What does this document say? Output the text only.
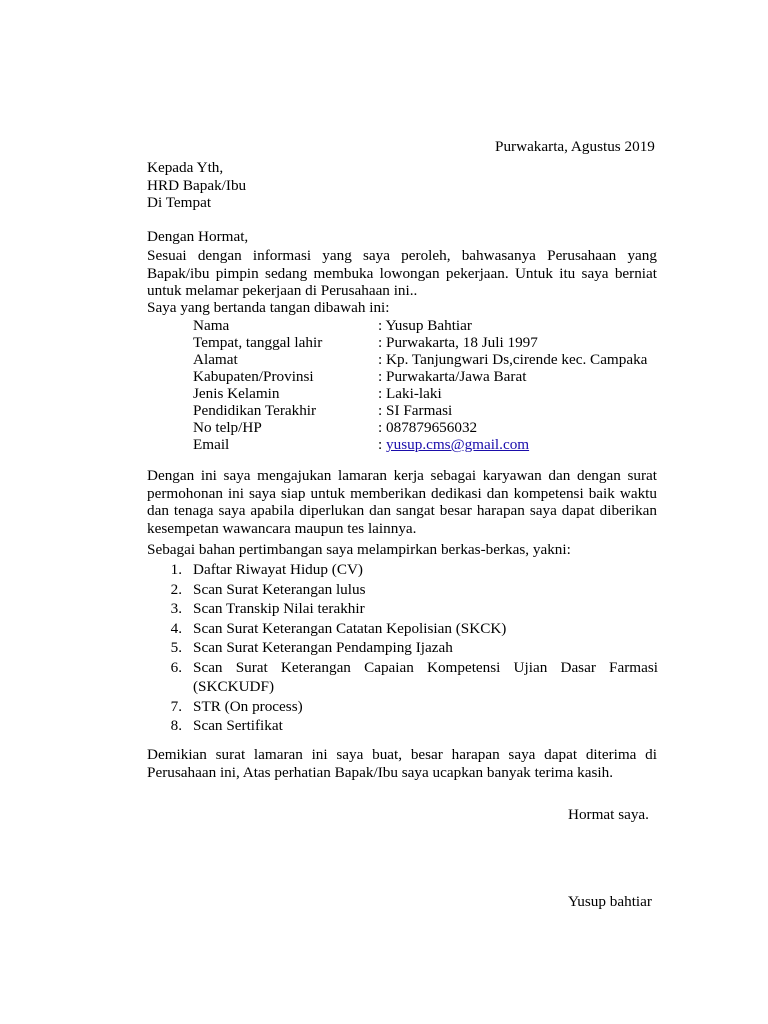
Purwakarta, Agustus 2019
Kepada Yth,
HRD Bapak/Ibu
Di Tempat
Dengan Hormat,
Sesuai dengan informasi yang saya peroleh, bahwasanya Perusahaan yang
Bapak/ibu pimpin sedang membuka lowongan pekerjaan. Untuk itu saya berniat
untuk melamar pekerjaan di Perusahaan ini..
Saya yang bertanda tangan dibawah ini:
Nama	: Yusup Bahtiar
Tempat, tanggal lahir	: Purwakarta, 18 Juli 1997
Alamat	: Kp. Tanjungwari Ds,cirende kec. Campaka
Kabupaten/Provinsi	: Purwakarta/Jawa Barat
Jenis Kelamin	: Laki-laki
Pendidikan Terakhir	: SI Farmasi
No telp/HP	: 087879656032
Email	: yusup.cms@gmail.com
Dengan ini saya mengajukan lamaran kerja sebagai karyawan dan dengan surat
permohonan ini saya siap untuk memberikan dedikasi dan kompetensi baik waktu
dan tenaga saya apabila diperlukan dan sangat besar harapan saya dapat diberikan
kesempetan wawancara maupun tes lainnya.
Sebagai bahan pertimbangan saya melampirkan berkas-berkas, yakni:
1. Daftar Riwayat Hidup (CV)
2. Scan Surat Keterangan lulus
3. Scan Transkip Nilai terakhir
4. Scan Surat Keterangan Catatan Kepolisian (SKCK)
5. Scan Surat Keterangan Pendamping Ijazah
6. Scan Surat Keterangan Capaian Kompetensi Ujian Dasar Farmasi
(SKCKUDF)
7. STR (On process)
8. Scan Sertifikat
Demikian surat lamaran ini saya buat, besar harapan saya dapat diterima di
Perusahaan ini, Atas perhatian Bapak/Ibu saya ucapkan banyak terima kasih.
Hormat saya.
Yusup bahtiar
